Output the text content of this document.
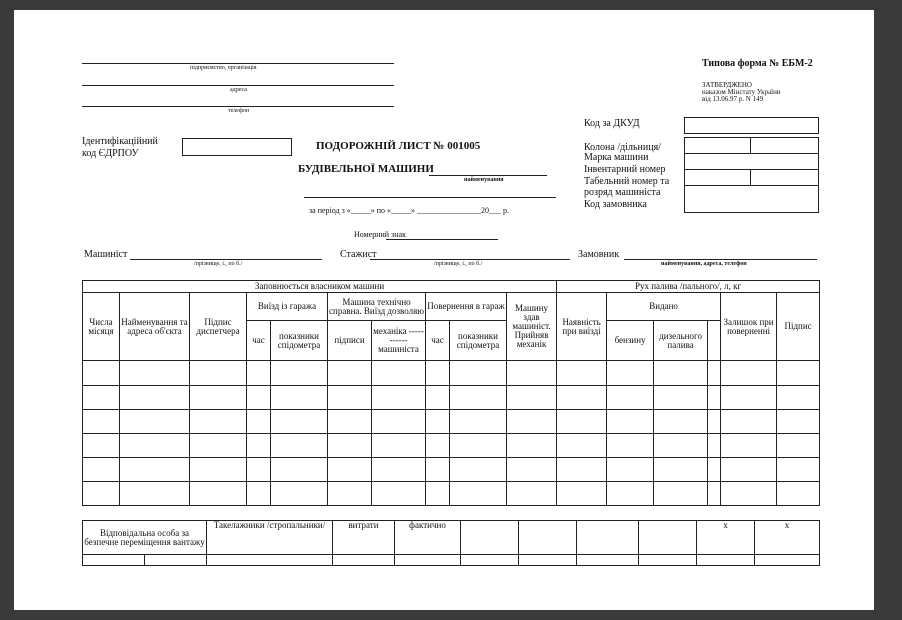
підприємство, організація
адреса
телефон
Типова форма № ЕБМ-2
ЗАТВЕРДЖЕНО
наказом Мінстату України
від 13.06.97 р. N 149
Ідентифікаційний
код ЄДРПОУ
ПОДОРОЖНІЙ ЛИСТ № 001005
БУДІВЕЛЬНОЇ МАШИНИ
найменування
за період з «_____» по «_____» ________________20___ р.
Номерний знак
Код за ДКУД
Колона /дільниця/
Марка машини
Інвентарний номер
Табельний номер та
розряд машиніста
Код замовника
Машиніст
/прізвище, і., по б./
Стажист
/прізвище, і., по б./
Замовник
найменування, адреса, телефон
Заповнюється власником машини										Рух палива /пального/, л, кг					
Числа місяця	Найменування та адреса об'єкта	Підпис диспетчера	Виїзд із гаража		Машина технічно справна. Виїзд дозволяю		Повернення в гараж		Машину здав машиніст. Прийняв механік	Наявність при виїзді	Видано			Залишок при поверненні	Підпис
			час	показники спідометра	підписи	механіка ----------- машиніста	час	показники спідометра			бензину	дизельного палива			

Відповідальна особа за безпечне переміщення вантажу		Такелажники /стропальники/	витрати	фактично					x	x
